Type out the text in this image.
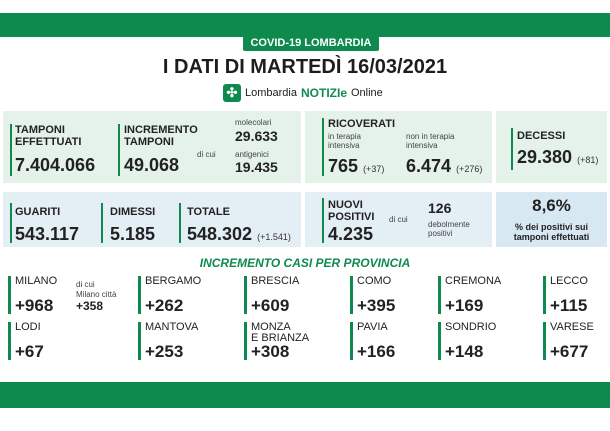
COVID-19 LOMBARDIA
I DATI DI MARTEDÌ 16/03/2021
✣ Lombardia NOTIZIe Online
TAMPONI
EFFETTUATI
7.404.066
INCREMENTO
TAMPONI
49.068
di cui
molecolari
29.633
antigenici
19.435
RICOVERATI
in terapia
intensiva
765 (+37)
non in terapia
intensiva
6.474 (+276)
DECESSI
29.380 (+81)
GUARITI
543.117
DIMESSI
5.185
TOTALE
548.302 (+1.541)
NUOVI
POSITIVI
4.235
di cui
126
debolmente
positivi
8,6%
% dei positivi sui
tamponi effettuati
INCREMENTO CASI PER PROVINCIA
MILANO
+968
di cui
Milano città
+358
BERGAMO
+262
BRESCIA
+609
COMO
+395
CREMONA
+169
LECCO
+115
LODI
+67
MANTOVA
+253
MONZA
E BRIANZA
+308
PAVIA
+166
SONDRIO
+148
VARESE
+677
